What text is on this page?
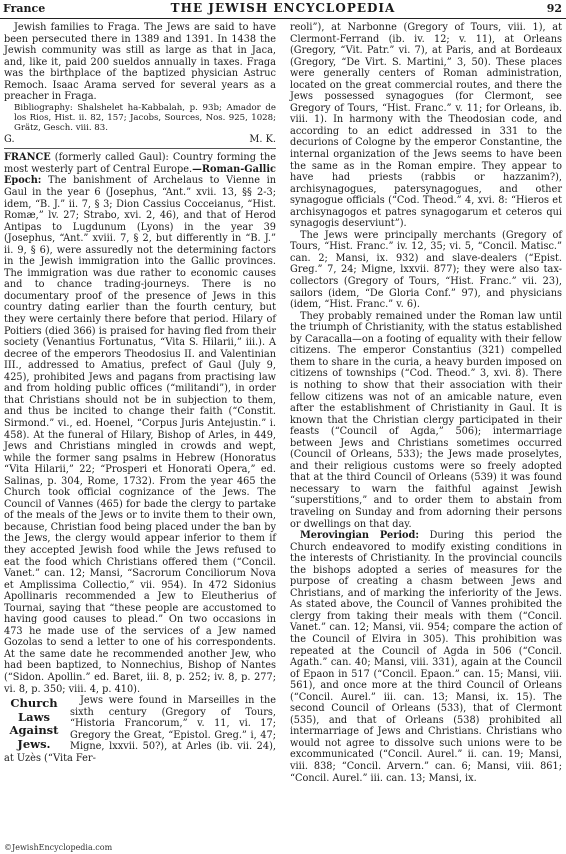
France	THE JEWISH ENCYCLOPEDIA	92

Jewish families to Fraga. The Jews are said to have been persecuted there in 1389 and 1391. In 1438 the Jewish community was still as large as that in Jaca, and, like it, paid 200 sueldos annually in taxes. Fraga was the birthplace of the baptized physician Astruc Remoch. Isaac Arama served for several years as a preacher in Fraga.

Bibliography: Shalshelet ha-Kabbalah, p. 93b; Amador de los Rios, Hist. ii. 82, 157; Jacobs, Sources, Nos. 925, 1028; Grätz, Gesch. viii. 83.

G.	M. K.

FRANCE (formerly called Gaul): Country forming the most westerly part of Central Europe.—Roman-Gallic Epoch: The banishment of Archelaus to Vienne in Gaul in the year 6 (Josephus, “Ant.” xvii. 13, §§ 2-3; idem, “B. J.” ii. 7, § 3; Dion Cassius Cocceianus, “Hist. Romæ,” lv. 27; Strabo, xvi. 2, 46), and that of Herod Antipas to Lugdunum (Lyons) in the year 39 (Josephus, “Ant.” xviii. 7, § 2, but differently in “B. J.” ii. 9, § 6), were assuredly not the determining factors in the Jewish immigration into the Gallic provinces. The immigration was due rather to economic causes and to chance trading-journeys. There is no documentary proof of the presence of Jews in this country dating earlier than the fourth century, but they were certainly there before that period. Hilary of Poitiers (died 366) is praised for having fled from their society (Venantius Fortunatus, “Vita S. Hilarii,” iii.). A decree of the emperors Theodosius II. and Valentinian III., addressed to Amatius, prefect of Gaul (July 9, 425), prohibited Jews and pagans from practising law and from holding public offices (“militandi”), in order that Christians should not be in subjection to them, and thus be incited to change their faith (“Constit. Sirmond.” vi., ed. Hoenel, “Corpus Juris Antejustin.” i. 458). At the funeral of Hilary, Bishop of Arles, in 449, Jews and Christians mingled in crowds and wept, while the former sang psalms in Hebrew (Honoratus “Vita Hilarii,” 22; “Prosperi et Honorati Opera,” ed. Salinas, p. 304, Rome, 1732). From the year 465 the Church took official cognizance of the Jews. The Council of Vannes (465) for bade the clergy to partake of the meals of the Jews or to invite them to their own, because, Christian food being placed under the ban by the Jews, the clergy would appear inferior to them if they accepted Jewish food while the Jews refused to eat the food which Christians offered them (“Concil. Vanet.” can. 12; Mansi, “Sacrorum Conciliorum Nova et Amplissima Collectio,” vii. 954). In 472 Sidonius Apollinaris recommended a Jew to Eleutherius of Tournai, saying that “these people are accustomed to having good causes to plead.” On two occasions in 473 he made use of the services of a Jew named Gozolas to send a letter to one of his correspondents. At the same date he recommended another Jew, who had been baptized, to Nonnechius, Bishop of Nantes (“Sidon. Apollin.” ed. Baret, iii. 8, p. 252; iv. 8, p. 277; vi. 8, p. 350; viii. 4, p. 410).

Church
Laws
Against
Jews.

Jews were found in Marseilles in the sixth century (Gregory of Tours, “Historia Francorum,” v. 11, vi. 17; Gregory the Great, “Epistol. Greg.” i, 47; Migne, lxxvii. 50?), at Arles (ib. vii. 24), at Uzès (“Vita Fer-

reoli”), at Narbonne (Gregory of Tours, viii. 1), at Clermont-Ferrand (ib. iv. 12; v. 11), at Orleans (Gregory, “Vit. Patr.” vi. 7), at Paris, and at Bordeaux (Gregory, “De Virt. S. Martini,” 3, 50). These places were generally centers of Roman administration, located on the great commercial routes, and there the Jews possessed synagogues (for Clermont, see Gregory of Tours, “Hist. Franc.” v. 11; for Orleans, ib. viii. 1). In harmony with the Theodosian code, and according to an edict addressed in 331 to the decurions of Cologne by the emperor Constantine, the internal organization of the Jews seems to have been the same as in the Roman empire. They appear to have had priests (rabbis or hazzanim?), archisynagogues, patersynagogues, and other synagogue officials (“Cod. Theod.” 4, xvi. 8: “Hieros et archisynagogos et patres synagogarum et ceteros qui synagogis deserviunt”).

The Jews were principally merchants (Gregory of Tours, “Hist. Franc.” iv. 12, 35; vi. 5, “Concil. Matisc.” can. 2; Mansi, ix. 932) and slave-dealers (“Epist. Greg.” 7, 24; Migne, lxxvii. 877); they were also tax-collectors (Gregory of Tours, “Hist. Franc.” vii. 23), sailors (idem, “De Gloria Conf.” 97), and physicians (idem, “Hist. Franc.” v. 6).

They probably remained under the Roman law until the triumph of Christianity, with the status established by Caracalla—on a footing of equality with their fellow citizens. The emperor Constantius (321) compelled them to share in the curia, a heavy burden imposed on citizens of townships (“Cod. Theod.” 3, xvi. 8). There is nothing to show that their association with their fellow citizens was not of an amicable nature, even after the establishment of Christianity in Gaul. It is known that the Christian clergy participated in their feasts (“Council of Agda,” 506); intermarriage between Jews and Christians sometimes occurred (Council of Orleans, 533); the Jews made proselytes, and their religious customs were so freely adopted that at the third Council of Orleans (539) it was found necessary to warn the faithful against Jewish “superstitions,” and to order them to abstain from traveling on Sunday and from adorning their persons or dwellings on that day.

Merovingian Period: During this period the Church endeavored to modify existing conditions in the interests of Christianity. In the provincial councils the bishops adopted a series of measures for the purpose of creating a chasm between Jews and Christians, and of marking the inferiority of the Jews. As stated above, the Council of Vannes prohibited the clergy from taking their meals with them (“Concil. Vanet.” can. 12; Mansi, vii. 954; compare the action of the Council of Elvira in 305). This prohibition was repeated at the Council of Agda in 506 (“Concil. Agath.” can. 40; Mansi, viii. 331), again at the Council of Epaon in 517 (“Concil. Epaon.” can. 15; Mansi, viii. 561), and once more at the third Council of Orleans (“Concil. Aurel.” iii. can. 13; Mansi, ix. 15). The second Council of Orleans (533), that of Clermont (535), and that of Orleans (538) prohibited all intermarriage of Jews and Christians. Christians who would not agree to dissolve such unions were to be excommunicated (“Concil. Aurel.” ii. can. 19; Mansi, viii. 838; “Concil. Arvern.” can. 6; Mansi, viii. 861; “Concil. Aurel.” iii. can. 13; Mansi, ix.

©JewishEncyclopedia.com
